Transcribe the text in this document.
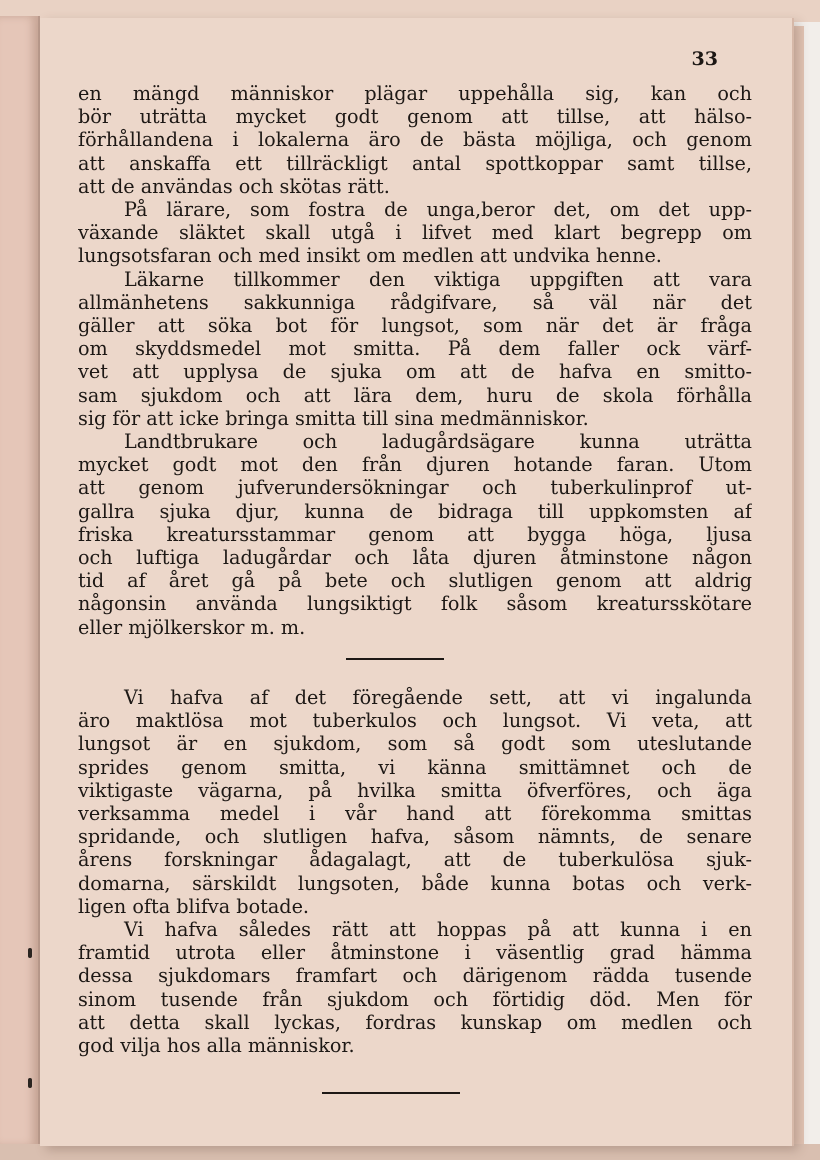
33
en mängd människor plägar uppehålla sig, kan och
bör uträtta mycket godt genom att tillse, att hälso-
förhållandena i lokalerna äro de bästa möjliga, och genom
att anskaffa ett tillräckligt antal spottkoppar samt tillse,
att de användas och skötas rätt.
På lärare, som fostra de unga,beror det, om det upp-
växande släktet skall utgå i lifvet med klart begrepp om
lungsotsfaran och med insikt om medlen att undvika henne.
Läkarne tillkommer den viktiga uppgiften att vara
allmänhetens sakkunniga rådgifvare, så väl när det
gäller att söka bot för lungsot, som när det är fråga
om skyddsmedel mot smitta. På dem faller ock värf-
vet att upplysa de sjuka om att de hafva en smitto-
sam sjukdom och att lära dem, huru de skola förhålla
sig för att icke bringa smitta till sina medmänniskor.
Landtbrukare och ladugårdsägare kunna uträtta
mycket godt mot den från djuren hotande faran. Utom
att genom jufverundersökningar och tuberkulinprof ut-
gallra sjuka djur, kunna de bidraga till uppkomsten af
friska kreatursstammar genom att bygga höga, ljusa
och luftiga ladugårdar och låta djuren åtminstone någon
tid af året gå på bete och slutligen genom att aldrig
någonsin använda lungsiktigt folk såsom kreatursskötare
eller mjölkerskor m. m.
Vi hafva af det föregående sett, att vi ingalunda
äro maktlösa mot tuberkulos och lungsot. Vi veta, att
lungsot är en sjukdom, som så godt som uteslutande
sprides genom smitta, vi känna smittämnet och de
viktigaste vägarna, på hvilka smitta öfverföres, och äga
verksamma medel i vår hand att förekomma smittas
spridande, och slutligen hafva, såsom nämnts, de senare
årens forskningar ådagalagt, att de tuberkulösa sjuk-
domarna, särskildt lungsoten, både kunna botas och verk-
ligen ofta blifva botade.
Vi hafva således rätt att hoppas på att kunna i en
framtid utrota eller åtminstone i väsentlig grad hämma
dessa sjukdomars framfart och därigenom rädda tusende
sinom tusende från sjukdom och förtidig död. Men för
att detta skall lyckas, fordras kunskap om medlen och
god vilja hos alla människor.
